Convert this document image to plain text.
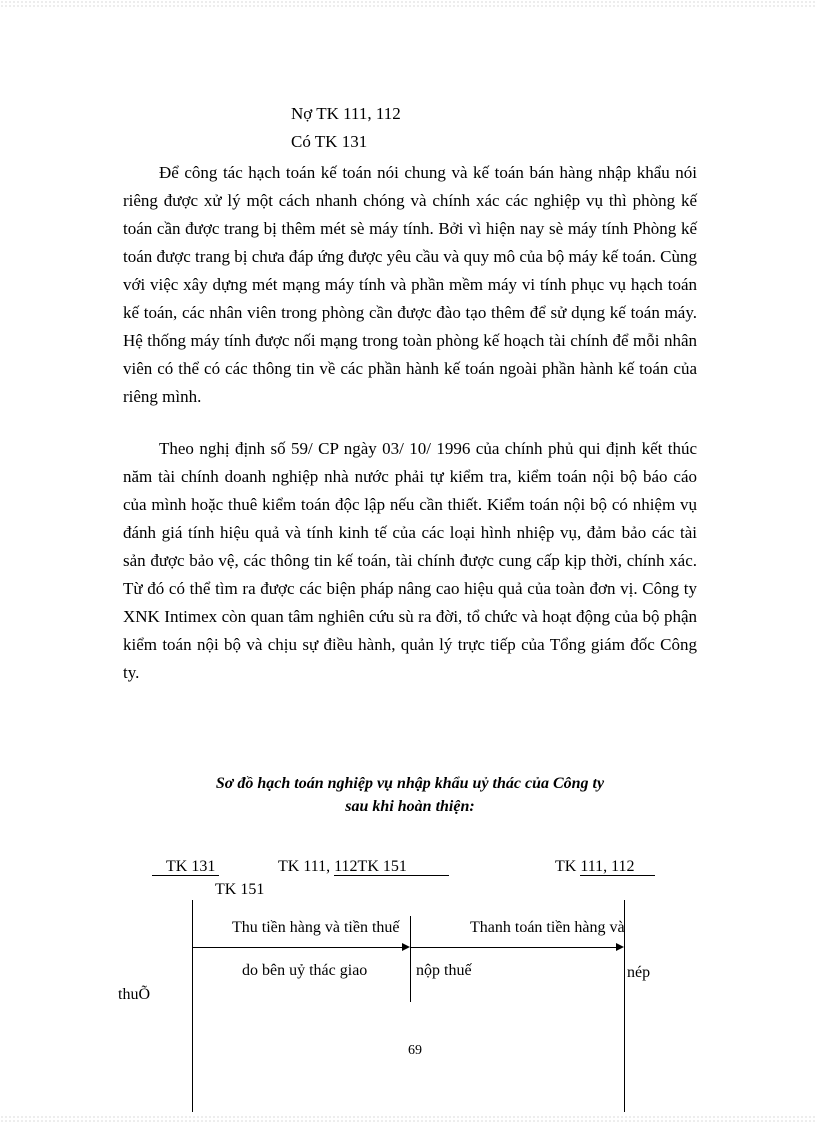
Nợ TK 111, 112
Có TK 131

Để công tác hạch toán kế toán nói chung và kế toán bán hàng nhập khẩu nói riêng được xử lý một cách nhanh chóng và chính xác các nghiệp vụ thì phòng kế toán cần được trang bị thêm mét sè máy tính. Bởi vì hiện nay sè máy tính Phòng kế toán được trang bị chưa đáp ứng được yêu cầu và quy mô của bộ máy kế toán. Cùng với việc xây dựng mét mạng máy tính và phần mềm máy vi tính phục vụ hạch toán kế toán, các nhân viên trong phòng cần được đào tạo thêm để sử dụng kế toán máy. Hệ thống máy tính được nối mạng trong toàn phòng kế hoạch tài chính để mỗi nhân viên có thể có các thông tin về các phần hành kế toán ngoài phần hành kế toán của riêng mình.

Theo nghị định số 59/ CP ngày 03/ 10/ 1996 của chính phủ qui định kết thúc năm tài chính doanh nghiệp nhà nước phải tự kiểm tra, kiểm toán nội bộ báo cáo của mình hoặc thuê kiểm toán độc lập nếu cần thiết. Kiểm toán nội bộ có nhiệm vụ đánh giá tính hiệu quả và tính kinh tế của các loại hình nhiệp vụ, đảm bảo các tài sản được bảo vệ, các thông tin kế toán, tài chính được cung cấp kịp thời, chính xác. Từ đó có thể tìm ra được các biện pháp nâng cao hiệu quả của toàn đơn vị. Công ty XNK Intimex còn quan tâm nghiên cứu sù ra đời, tổ chức và hoạt động của bộ phận kiểm toán nội bộ và chịu sự điều hành, quản lý trực tiếp của Tổng giám đốc Công ty.

Sơ đồ hạch toán nghiệp vụ nhập khẩu uỷ thác của Công ty
sau khi hoàn thiện:
TK 131	TK 111, 112TK 151	TK 111, 112
TK 151
Thu tiền hàng và tiền thuế
do bên uỷ thác giao
Thanh toán tiền hàng và
nộp thuế	nép
thuÕ
69
